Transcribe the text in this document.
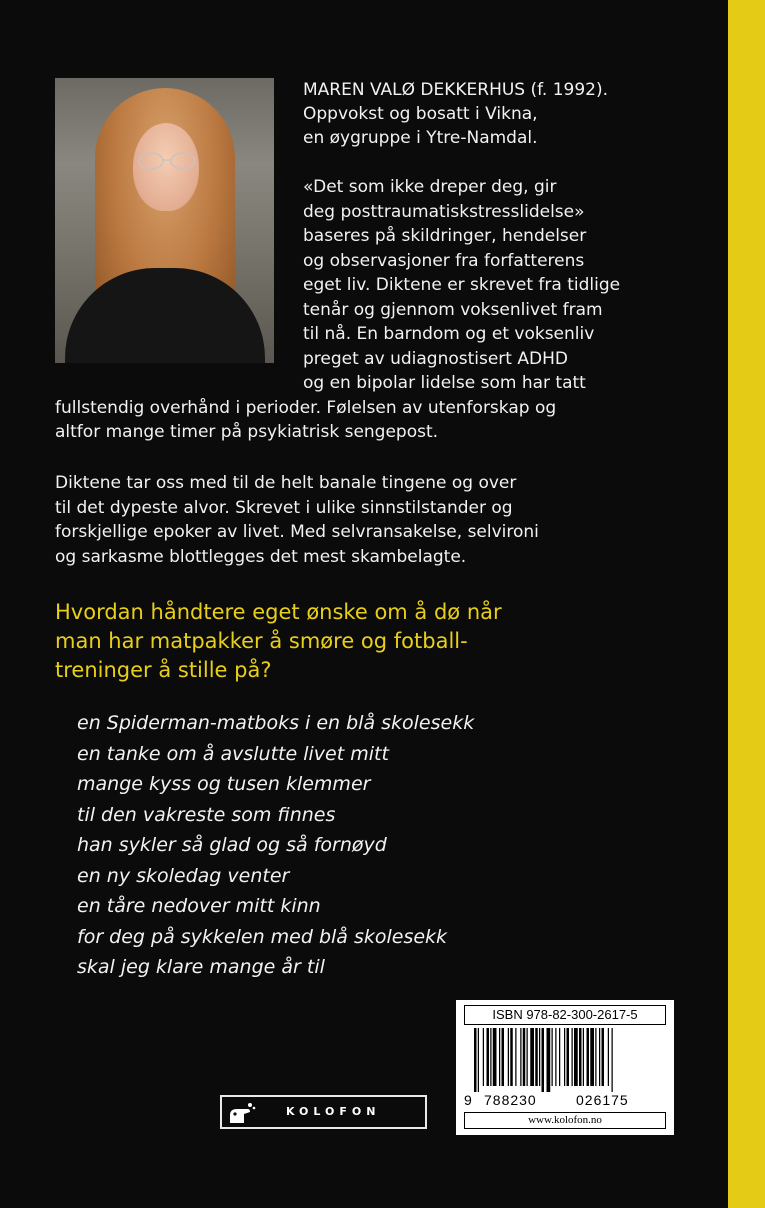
MAREN VALØ DEKKERHUS (f. 1992).
Oppvokst og bosatt i Vikna,
en øygruppe i Ytre-Namdal.
«Det som ikke dreper deg, gir
deg posttraumatiskstresslidelse»
baseres på skildringer, hendelser
og observasjoner fra forfatterens
eget liv. Diktene er skrevet fra tidlige
tenår og gjennom voksenlivet fram
til nå. En barndom og et voksenliv
preget av udiagnostisert ADHD
og en bipolar lidelse som har tatt
fullstendig overhånd i perioder. Følelsen av utenforskap og
altfor mange timer på psykiatrisk sengepost.
Diktene tar oss med til de helt banale tingene og over
til det dypeste alvor. Skrevet i ulike sinnstilstander og
forskjellige epoker av livet. Med selvransakelse, selvironi
og sarkasme blottlegges det mest skambelagte.
Hvordan håndtere eget ønske om å dø når
man har matpakker å smøre og fotball-
treninger å stille på?
en Spiderman-matboks i en blå skolesekk
en tanke om å avslutte livet mitt
mange kyss og tusen klemmer
til den vakreste som finnes
han sykler så glad og så fornøyd
en ny skoledag venter
en tåre nedover mitt kinn
for deg på sykkelen med blå skolesekk
skal jeg klare mange år til
KOLOFON
ISBN 978-82-300-2617-5
9 788230	026175
www.kolofon.no
